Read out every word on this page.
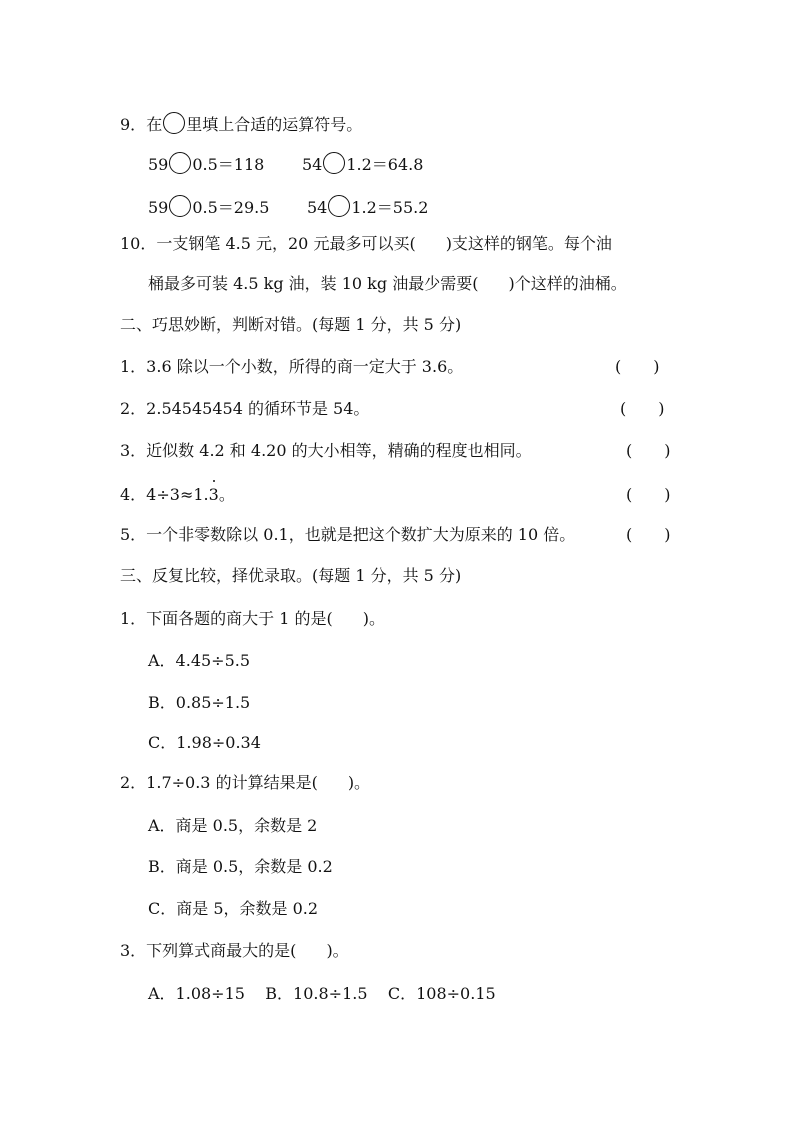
9．在 里填上合适的运算符号。
59 0.5＝118 54 1.2＝64.8
59 0.5＝29.5 54 1.2＝55.2
10．一支钢笔 4.5 元，20 元最多可以买( )支这样的钢笔。每个油
桶最多可装 4.5 kg 油，装 10 kg 油最少需要( )个这样的油桶。
二、巧思妙断，判断对错。(每题 1 分，共 5 分)
1．3.6 除以一个小数，所得的商一定大于 3.6。	( )
2．2.54545454 的循环节是 54。	( )
3．近似数 4.2 和 4.20 的大小相等，精确的程度也相同。	( )
4．4÷3≈1.3。	( )
5．一个非零数除以 0.1，也就是把这个数扩大为原来的 10 倍。	( )
三、反复比较，择优录取。(每题 1 分，共 5 分)
1．下面各题的商大于 1 的是( )。
A．4.45÷5.5
B．0.85÷1.5
C．1.98÷0.34
2．1.7÷0.3 的计算结果是( )。
A．商是 0.5，余数是 2
B．商是 0.5，余数是 0.2
C．商是 5，余数是 0.2
3．下列算式商最大的是( )。
A．1.08÷15    B．10.8÷1.5    C．108÷0.15
